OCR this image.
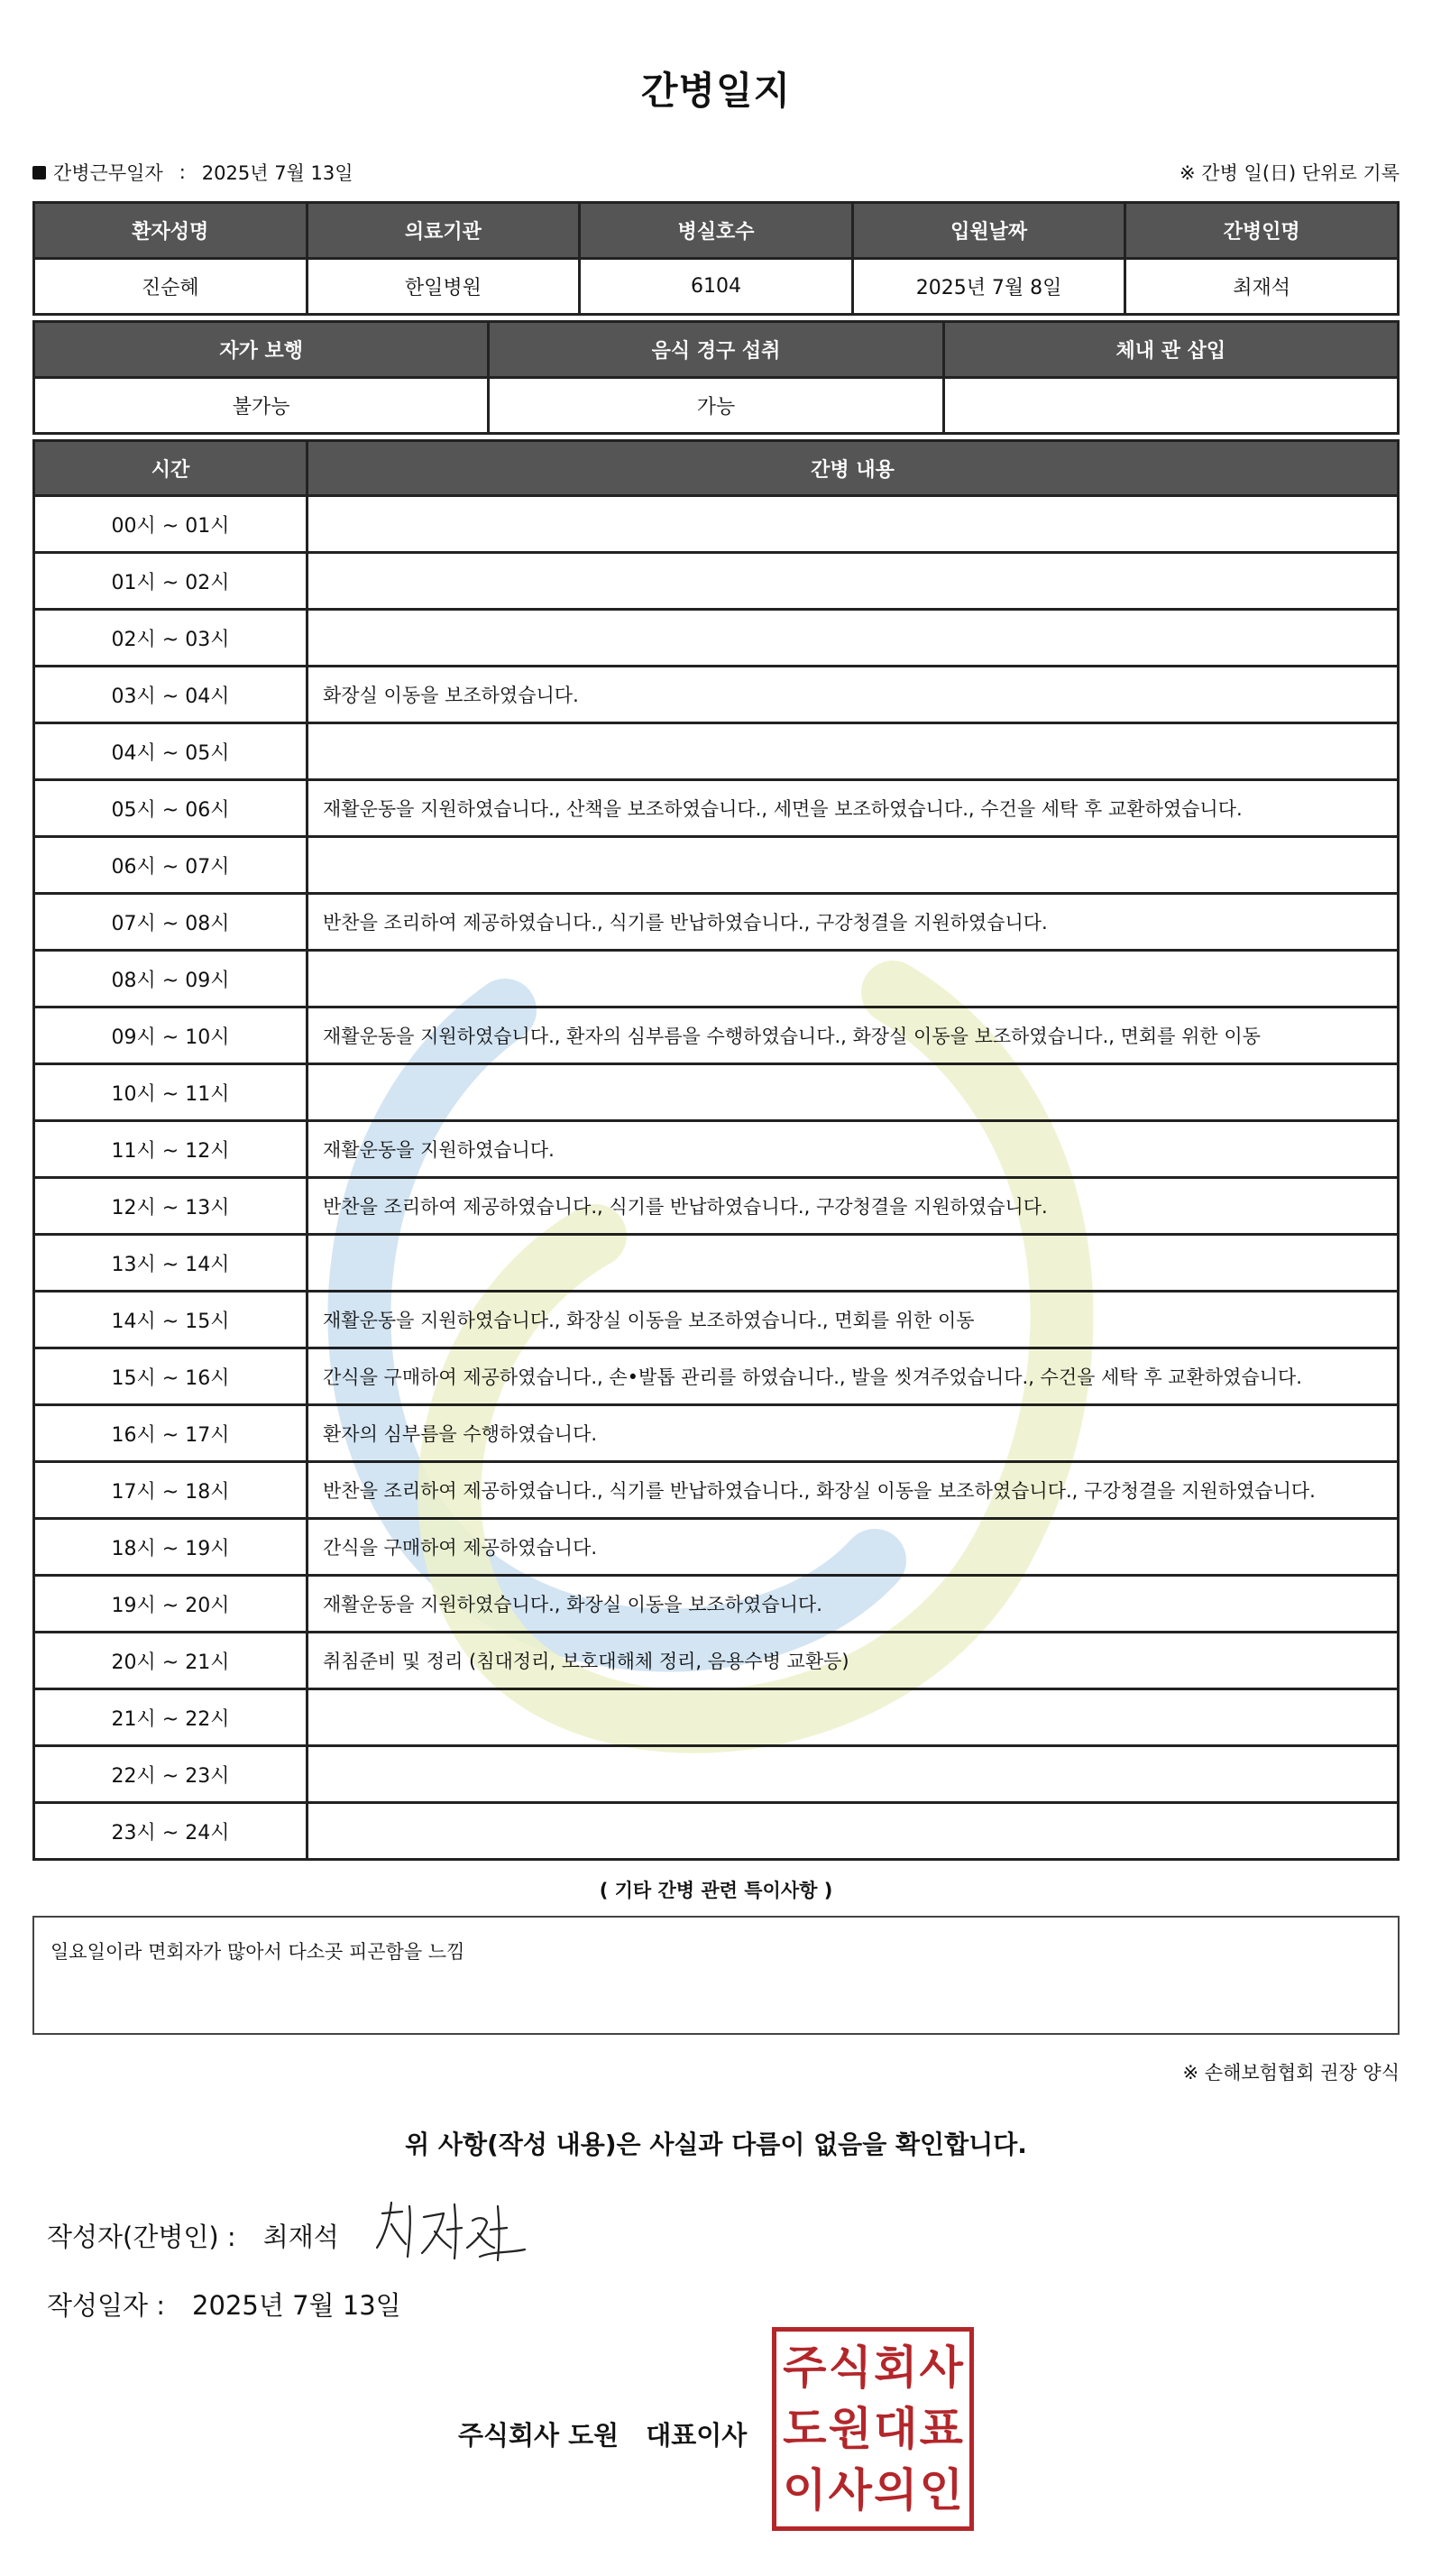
간병일지
간병근무일자 : 2025년 7월 13일	※ 간병 일(日) 단위로 기록
환자성명	의료기관	병실호수	입원날짜	간병인명
진순혜	한일병원	6104	2025년 7월 8일	최재석
자가 보행	음식 경구 섭취	체내 관 삽입
불가능	가능	
시간	간병 내용
00시 ~ 01시	
01시 ~ 02시	
02시 ~ 03시	
03시 ~ 04시	화장실 이동을 보조하였습니다.
04시 ~ 05시	
05시 ~ 06시	재활운동을 지원하였습니다., 산책을 보조하였습니다., 세면을 보조하였습니다., 수건을 세탁 후 교환하였습니다.
06시 ~ 07시	
07시 ~ 08시	반찬을 조리하여 제공하였습니다., 식기를 반납하였습니다., 구강청결을 지원하였습니다.
08시 ~ 09시	
09시 ~ 10시	재활운동을 지원하였습니다., 환자의 심부름을 수행하였습니다., 화장실 이동을 보조하였습니다., 면회를 위한 이동
10시 ~ 11시	
11시 ~ 12시	재활운동을 지원하였습니다.
12시 ~ 13시	반찬을 조리하여 제공하였습니다., 식기를 반납하였습니다., 구강청결을 지원하였습니다.
13시 ~ 14시	
14시 ~ 15시	재활운동을 지원하였습니다., 화장실 이동을 보조하였습니다., 면회를 위한 이동
15시 ~ 16시	간식을 구매하여 제공하였습니다., 손•발톱 관리를 하였습니다., 발을 씻겨주었습니다., 수건을 세탁 후 교환하였습니다.
16시 ~ 17시	환자의 심부름을 수행하였습니다.
17시 ~ 18시	반찬을 조리하여 제공하였습니다., 식기를 반납하였습니다., 화장실 이동을 보조하였습니다., 구강청결을 지원하였습니다.
18시 ~ 19시	간식을 구매하여 제공하였습니다.
19시 ~ 20시	재활운동을 지원하였습니다., 화장실 이동을 보조하였습니다.
20시 ~ 21시	취침준비 및 정리 (침대정리, 보호대해체 정리, 음용수병 교환등)
21시 ~ 22시	
22시 ~ 23시	
23시 ~ 24시	
( 기타 간병 관련 특이사항 )
일요일이라 면회자가 많아서 다소곳 피곤함을 느낌
※ 손해보험협회 권장 양식
위 사항(작성 내용)은 사실과 다름이 없음을 확인합니다.
작성자(간병인) : 최재석
작성일자 : 2025년 7월 13일
주식회사 도원 대표이사
주 식 회 사
도 원 대 표
이 사 의 인
